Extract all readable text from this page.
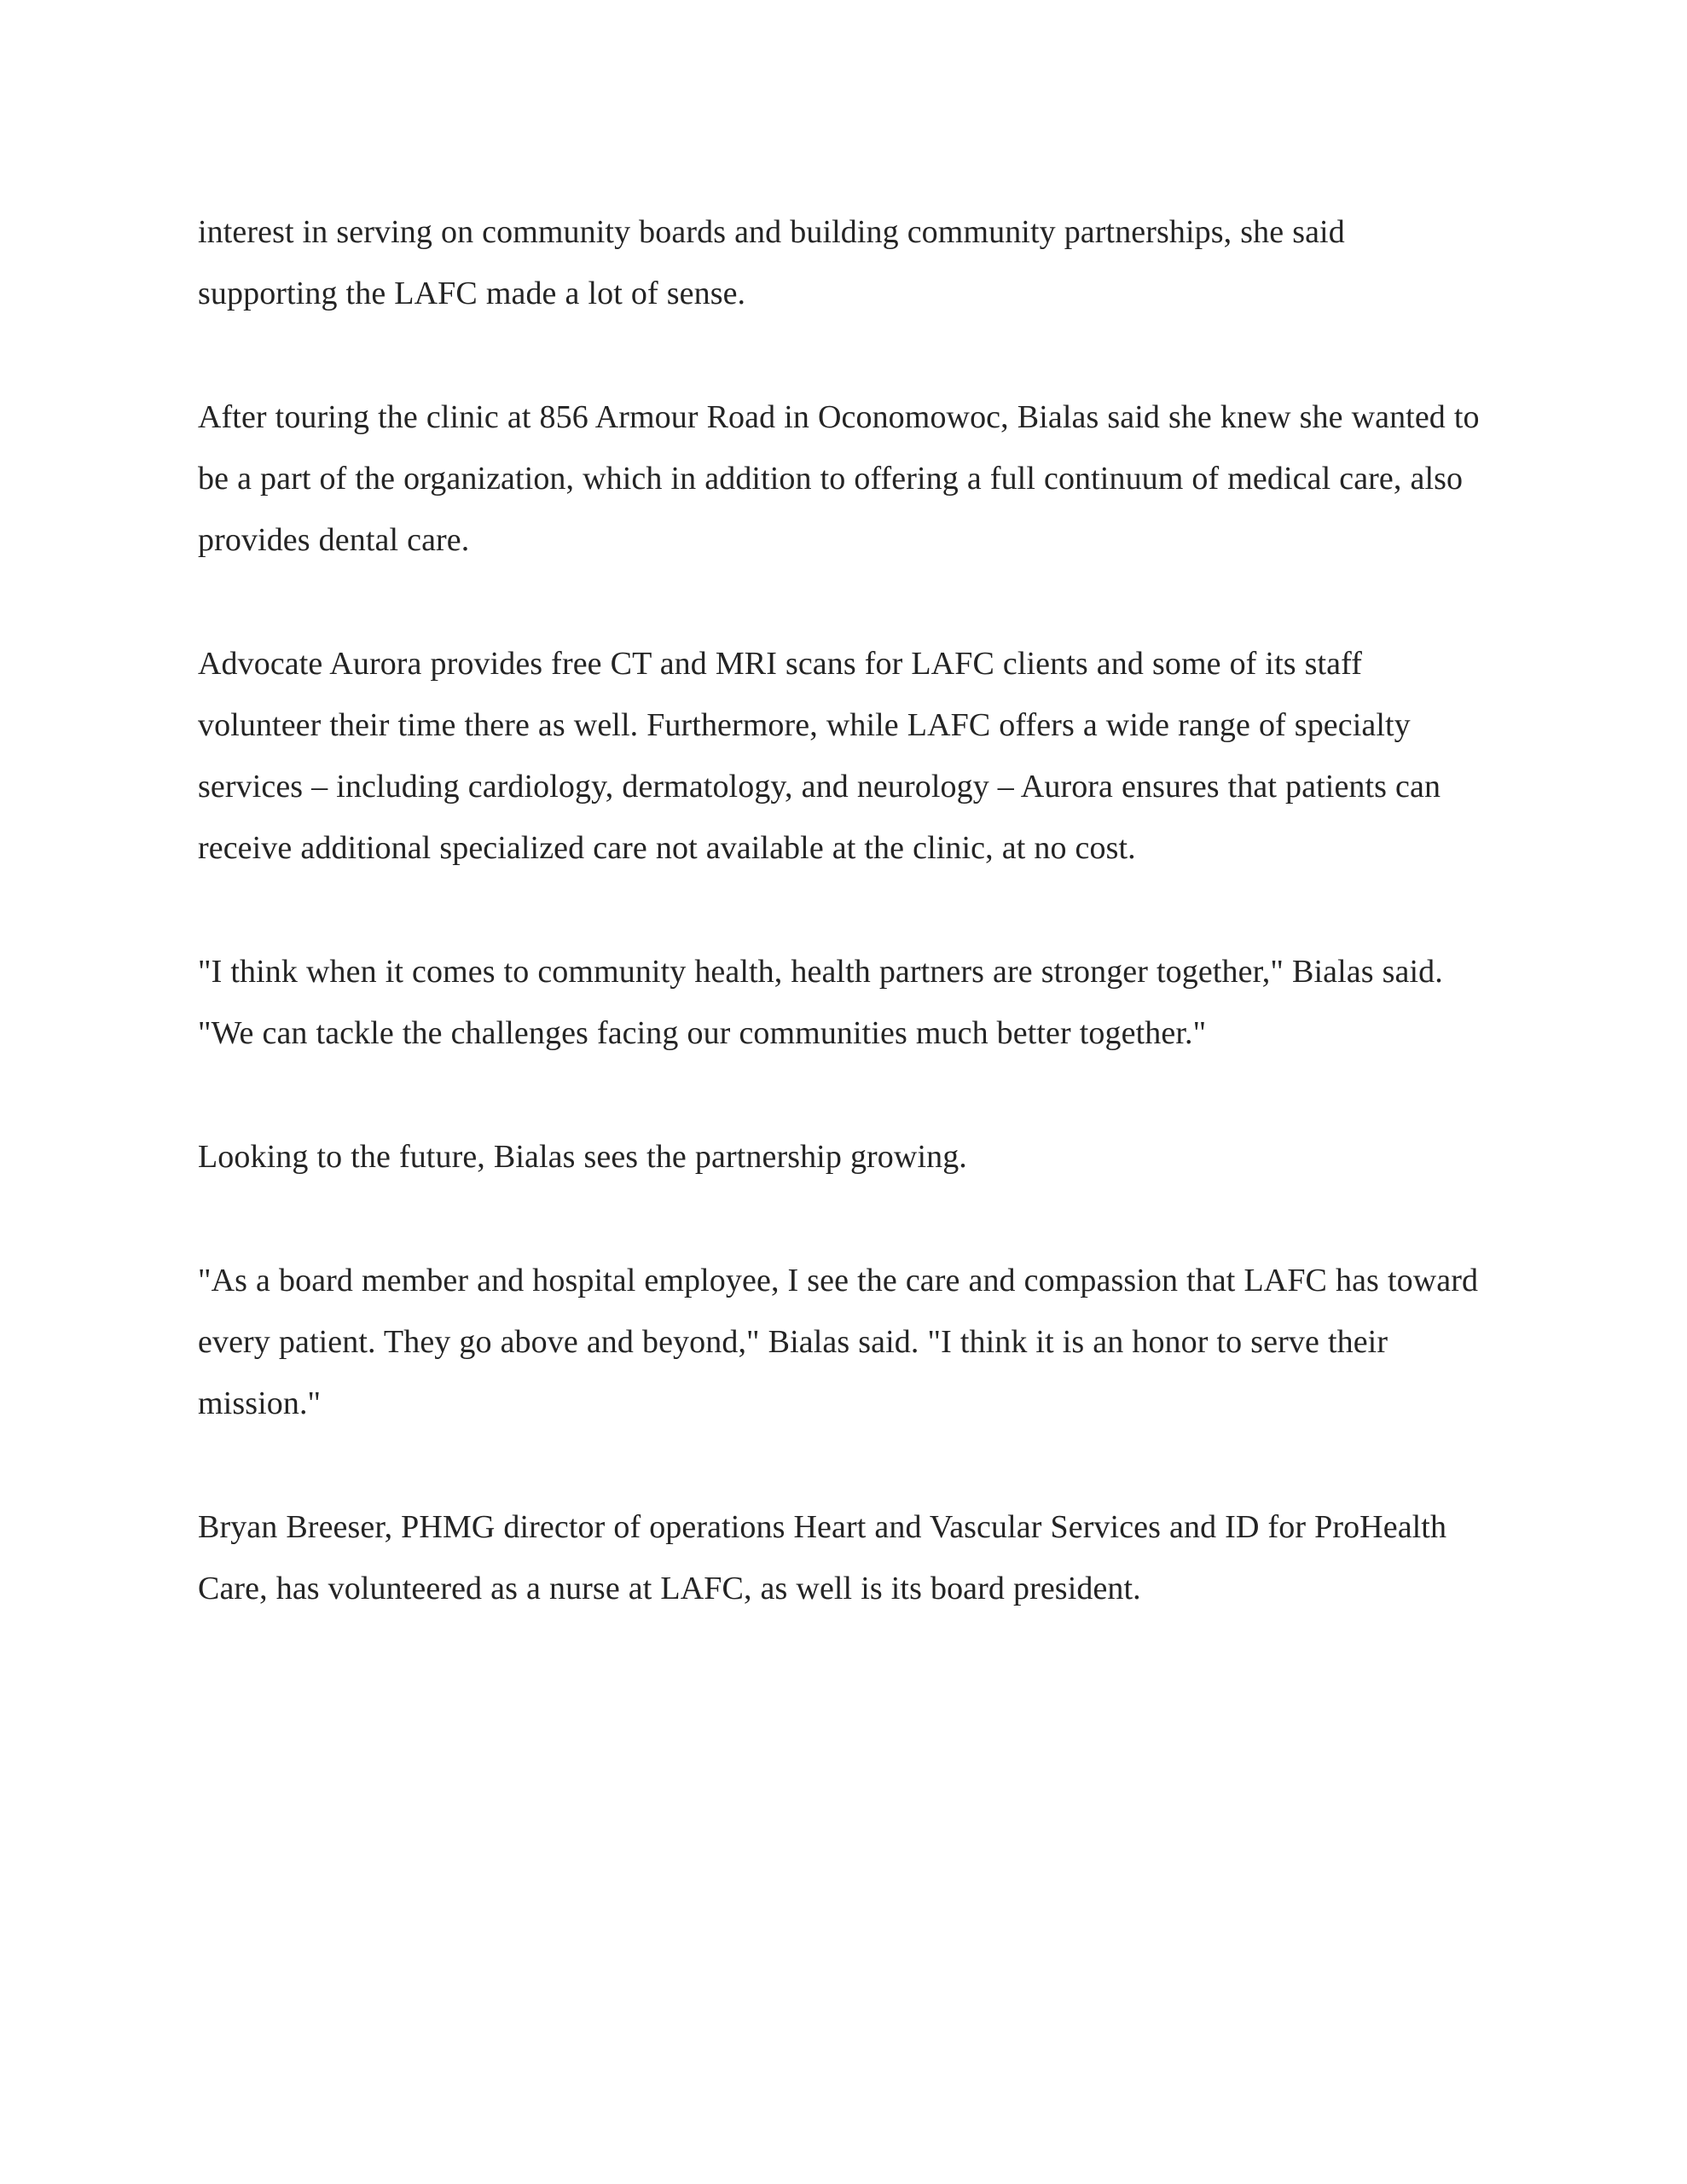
interest in serving on community boards and building community partnerships, she said supporting the LAFC made a lot of sense.

After touring the clinic at 856 Armour Road in Oconomowoc, Bialas said she knew she wanted to be a part of the organization, which in addition to offering a full continuum of medical care, also provides dental care.

Advocate Aurora provides free CT and MRI scans for LAFC clients and some of its staff volunteer their time there as well. Furthermore, while LAFC offers a wide range of specialty services – including cardiology, dermatology, and neurology – Aurora ensures that patients can receive additional specialized care not available at the clinic, at no cost.

"I think when it comes to community health, health partners are stronger together," Bialas said. "We can tackle the challenges facing our communities much better together."

Looking to the future, Bialas sees the partnership growing.

"As a board member and hospital employee, I see the care and compassion that LAFC has toward every patient. They go above and beyond," Bialas said. "I think it is an honor to serve their mission."

Bryan Breeser, PHMG director of operations Heart and Vascular Services and ID for ProHealth Care, has volunteered as a nurse at LAFC, as well is its board president.
